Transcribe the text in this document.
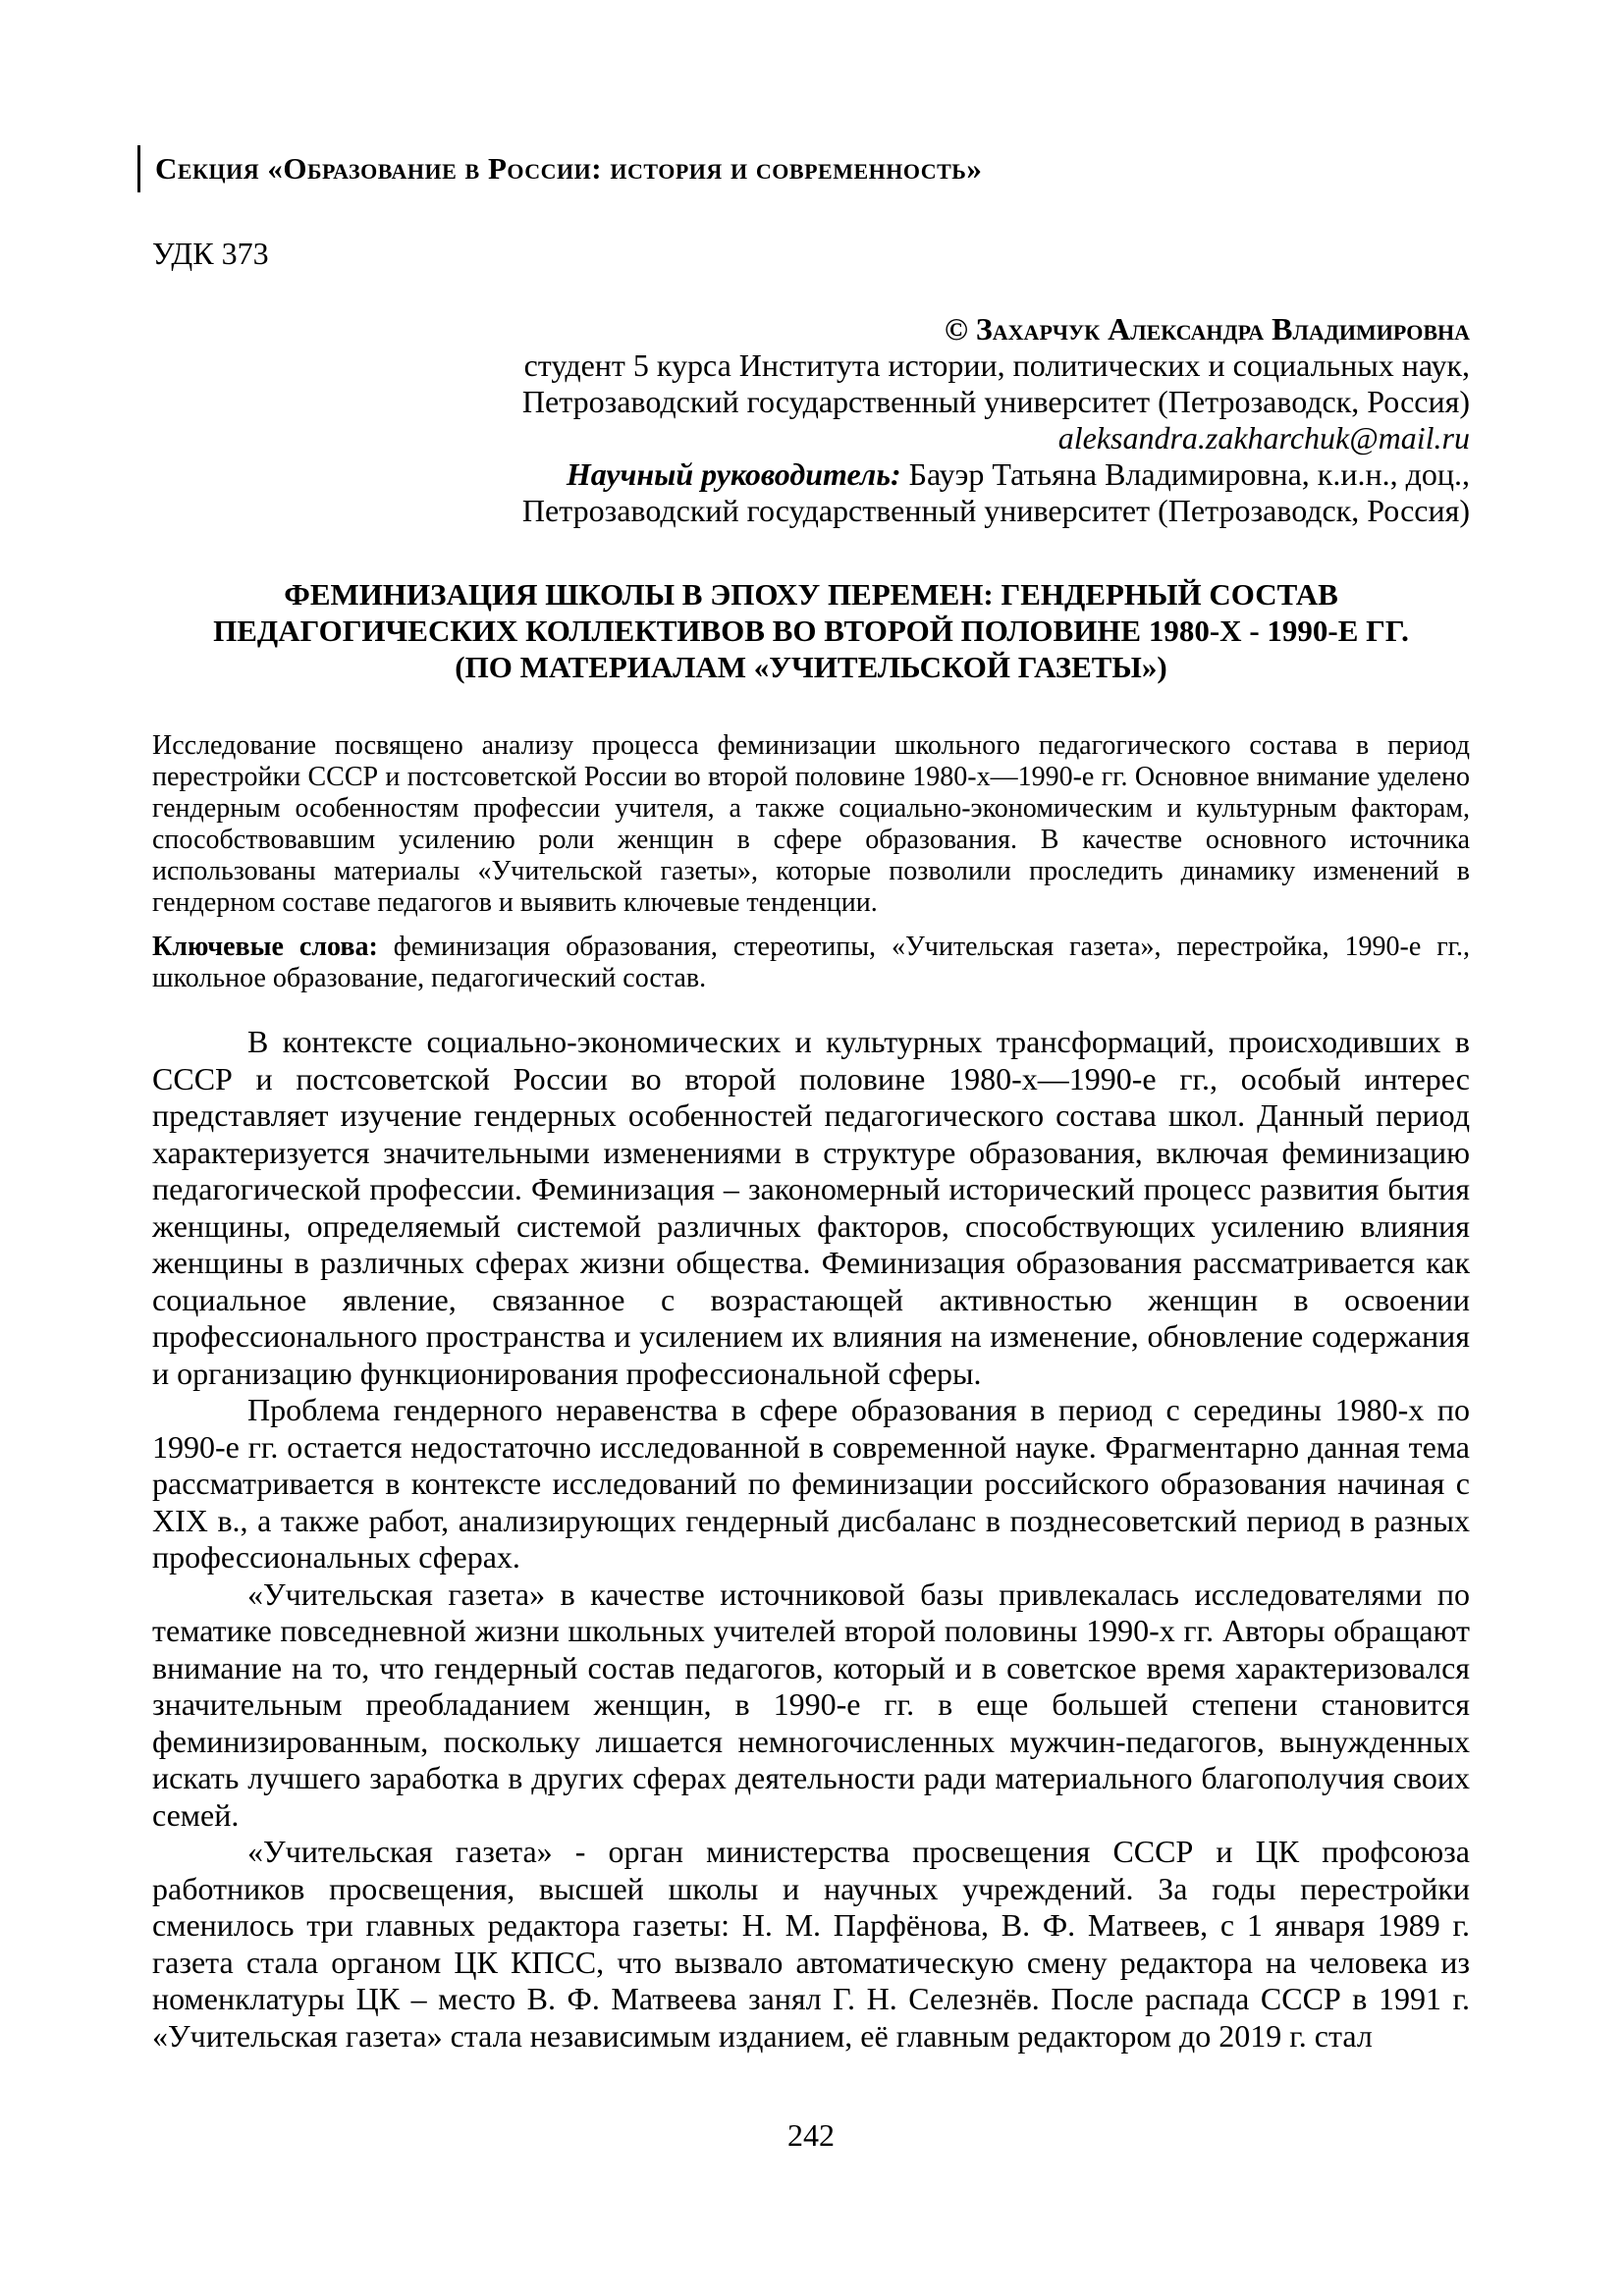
Секция «Образование в России: история и современность»
УДК 373
© Захарчук Александра Владимировна
студент 5 курса Института истории, политических и социальных наук,
Петрозаводский государственный университет (Петрозаводск, Россия)
aleksandra.zakharchuk@mail.ru
Научный руководитель: Бауэр Татьяна Владимировна, к.и.н., доц.,
Петрозаводский государственный университет (Петрозаводск, Россия)
ФЕМИНИЗАЦИЯ ШКОЛЫ В ЭПОХУ ПЕРЕМЕН: ГЕНДЕРНЫЙ СОСТАВ
ПЕДАГОГИЧЕСКИХ КОЛЛЕКТИВОВ ВО ВТОРОЙ ПОЛОВИНЕ 1980-Х - 1990-Е ГГ.
(ПО МАТЕРИАЛАМ «УЧИТЕЛЬСКОЙ ГАЗЕТЫ»)
Исследование посвящено анализу процесса феминизации школьного педагогического состава в период перестройки СССР и постсоветской России во второй половине 1980-х—1990-е гг. Основное внимание уделено гендерным особенностям профессии учителя, а также социально-экономическим и культурным факторам, способствовавшим усилению роли женщин в сфере образования. В качестве основного источника использованы материалы «Учительской газеты», которые позволили проследить динамику изменений в гендерном составе педагогов и выявить ключевые тенденции.
Ключевые слова: феминизация образования, стереотипы, «Учительская газета», перестройка, 1990-е гг., школьное образование, педагогический состав.

В контексте социально-экономических и культурных трансформаций, происходивших в СССР и постсоветской России во второй половине 1980-х—1990-е гг., особый интерес представляет изучение гендерных особенностей педагогического состава школ. Данный период характеризуется значительными изменениями в структуре образования, включая феминизацию педагогической профессии. Феминизация – закономерный исторический процесс развития бытия женщины, определяемый системой различных факторов, способствующих усилению влияния женщины в различных сферах жизни общества. Феминизация образования рассматривается как социальное явление, связанное с возрастающей активностью женщин в освоении профессионального пространства и усилением их влияния на изменение, обновление содержания и организацию функционирования профессиональной сферы.

Проблема гендерного неравенства в сфере образования в период с середины 1980-х по 1990-е гг. остается недостаточно исследованной в современной науке. Фрагментарно данная тема рассматривается в контексте исследований по феминизации российского образования начиная с XIX в., а также работ, анализирующих гендерный дисбаланс в позднесоветский период в разных профессиональных сферах.

«Учительская газета» в качестве источниковой базы привлекалась исследователями по тематике повседневной жизни школьных учителей второй половины 1990-х гг. Авторы обращают внимание на то, что гендерный состав педагогов, который и в советское время характеризовался значительным преобладанием женщин, в 1990-е гг. в еще большей степени становится феминизированным, поскольку лишается немногочисленных мужчин-педагогов, вынужденных искать лучшего заработка в других сферах деятельности ради материального благополучия своих семей.

«Учительская газета» - орган министерства просвещения СССР и ЦК профсоюза работников просвещения, высшей школы и научных учреждений. За годы перестройки сменилось три главных редактора газеты: Н. М. Парфёнова, В. Ф. Матвеев, с 1 января 1989 г. газета стала органом ЦК КПСС, что вызвало автоматическую смену редактора на человека из номенклатуры ЦК – место В. Ф. Матвеева занял Г. Н. Селезнёв. После распада СССР в 1991 г. «Учительская газета» стала независимым изданием, её главным редактором до 2019 г. стал

242
